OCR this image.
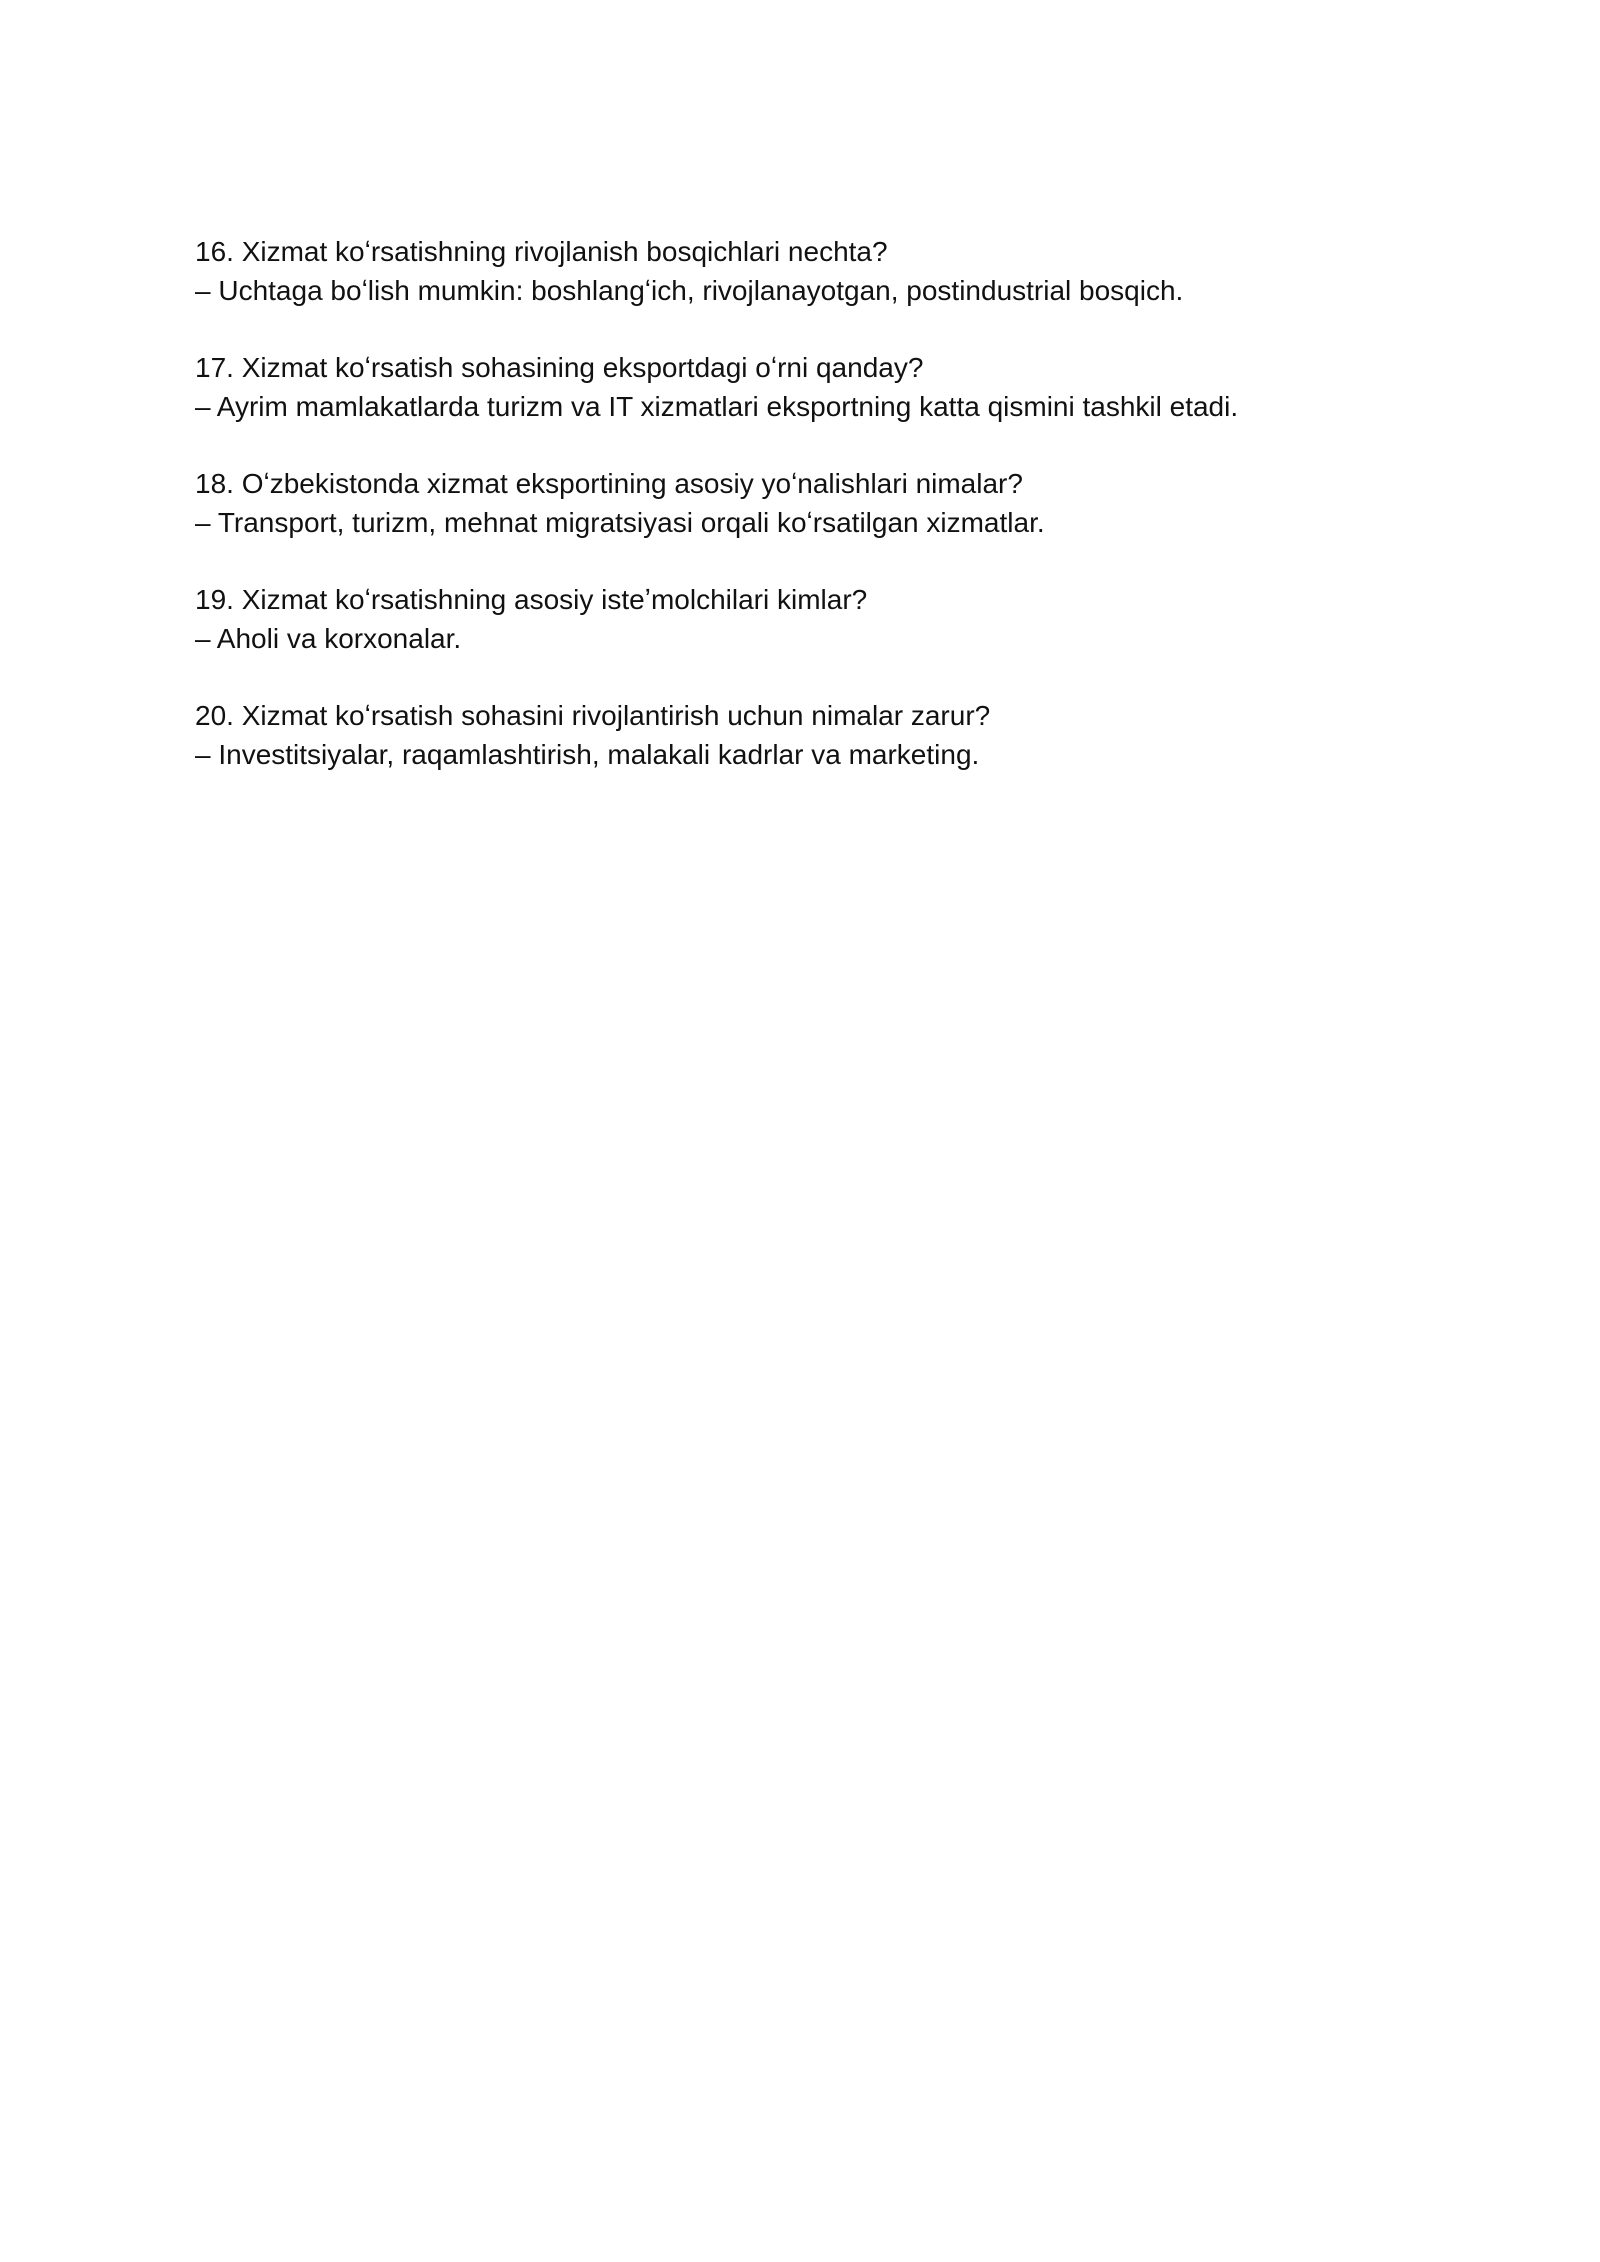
16. Xizmat koʻrsatishning rivojlanish bosqichlari nechta?

– Uchtaga boʻlish mumkin: boshlangʻich, rivojlanayotgan, postindustrial bosqich.

17. Xizmat koʻrsatish sohasining eksportdagi oʻrni qanday?

– Ayrim mamlakatlarda turizm va IT xizmatlari eksportning katta qismini tashkil etadi.

18. Oʻzbekistonda xizmat eksportining asosiy yoʻnalishlari nimalar?

– Transport, turizm, mehnat migratsiyasi orqali koʻrsatilgan xizmatlar.

19. Xizmat koʻrsatishning asosiy isteʼmolchilari kimlar?

– Aholi va korxonalar.

20. Xizmat koʻrsatish sohasini rivojlantirish uchun nimalar zarur?

– Investitsiyalar, raqamlashtirish, malakali kadrlar va marketing.
